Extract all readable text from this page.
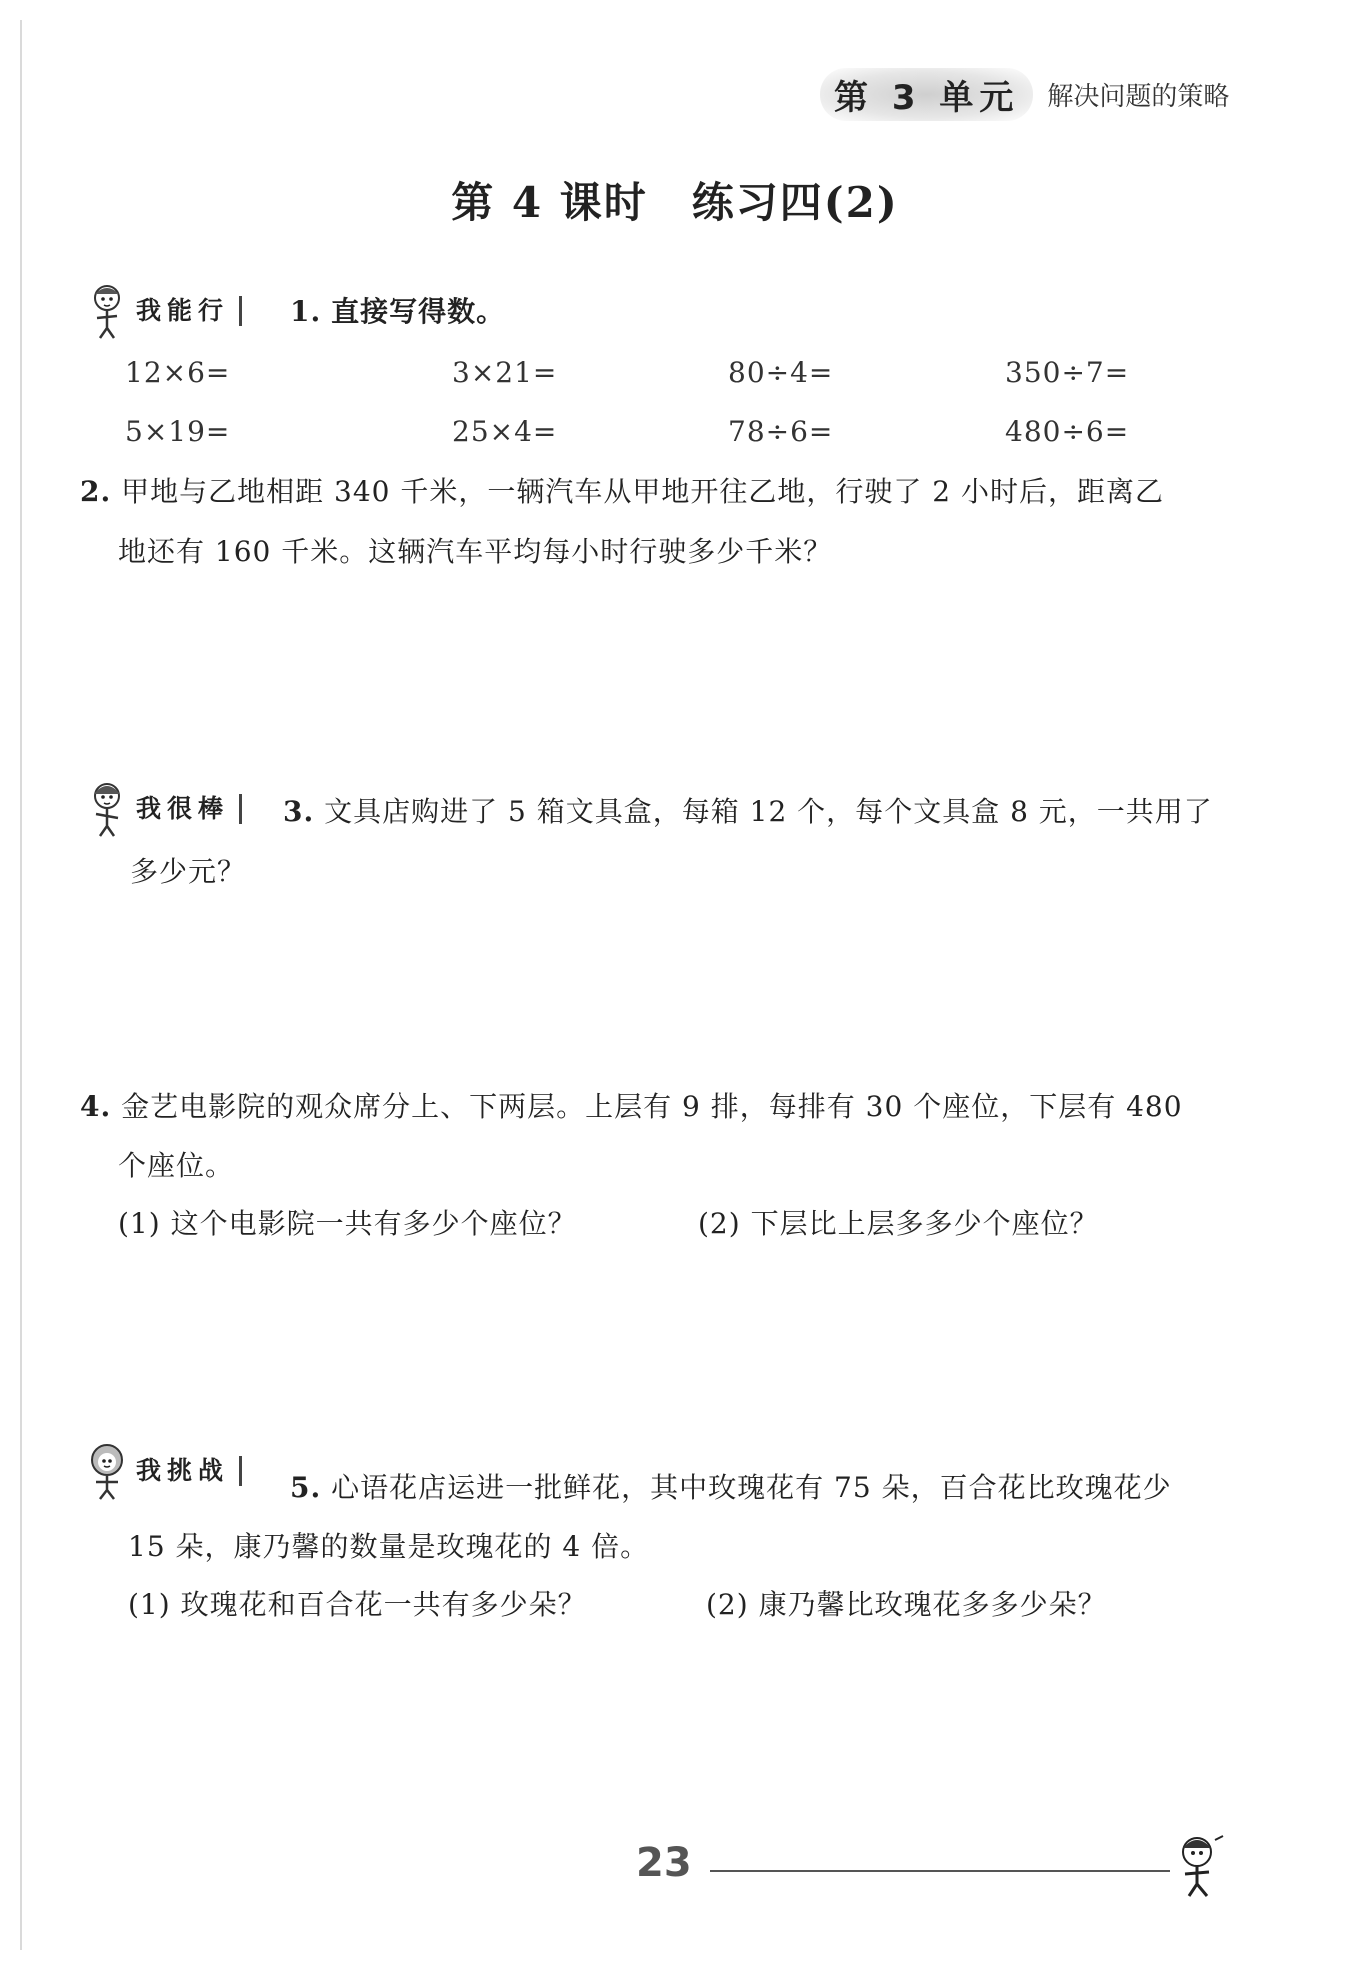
第 3 单元	解决问题的策略
第 4 课时　练习四(2)
我能行	1. 直接写得数。
12×6=	3×21=	80÷4=	350÷7=
5×19=	25×4=	78÷6=	480÷6=
2. 甲地与乙地相距 340 千米，一辆汽车从甲地开往乙地，行驶了 2 小时后，距离乙
地还有 160 千米。这辆汽车平均每小时行驶多少千米？
我很棒	3. 文具店购进了 5 箱文具盒，每箱 12 个，每个文具盒 8 元，一共用了
多少元？
4. 金艺电影院的观众席分上、下两层。上层有 9 排，每排有 30 个座位，下层有 480
个座位。
(1) 这个电影院一共有多少个座位？	(2) 下层比上层多多少个座位？
我挑战
5. 心语花店运进一批鲜花，其中玫瑰花有 75 朵，百合花比玫瑰花少
15 朵，康乃馨的数量是玫瑰花的 4 倍。
(1) 玫瑰花和百合花一共有多少朵？	(2) 康乃馨比玫瑰花多多少朵？
23
